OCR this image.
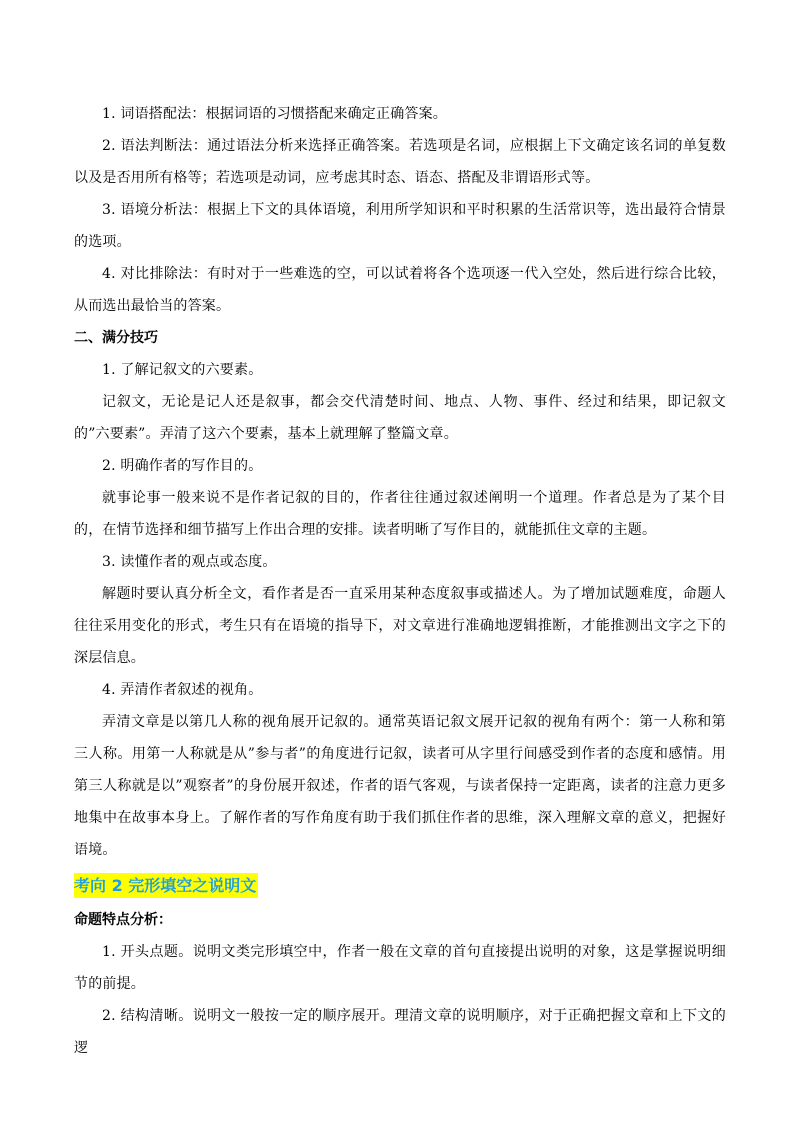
1. 词语搭配法：根据词语的习惯搭配来确定正确答案。

2. 语法判断法：通过语法分析来选择正确答案。若选项是名词，应根据上下文确定该名词的单复数以及是否用所有格等；若选项是动词，应考虑其时态、语态、搭配及非谓语形式等。

3. 语境分析法：根据上下文的具体语境，利用所学知识和平时积累的生活常识等，选出最符合情景的选项。

4. 对比排除法：有时对于一些难选的空，可以试着将各个选项逐一代入空处，然后进行综合比较，从而选出最恰当的答案。

二、满分技巧

1. 了解记叙文的六要素。

记叙文，无论是记人还是叙事，都会交代清楚时间、地点、人物、事件、经过和结果，即记叙文的”六要素”。弄清了这六个要素，基本上就理解了整篇文章。

2. 明确作者的写作目的。

就事论事一般来说不是作者记叙的目的，作者往往通过叙述阐明一个道理。作者总是为了某个目的，在情节选择和细节描写上作出合理的安排。读者明晰了写作目的，就能抓住文章的主题。

3. 读懂作者的观点或态度。

解题时要认真分析全文，看作者是否一直采用某种态度叙事或描述人。为了增加试题难度，命题人往往采用变化的形式，考生只有在语境的指导下，对文章进行准确地逻辑推断，才能推测出文字之下的深层信息。

4. 弄清作者叙述的视角。

弄清文章是以第几人称的视角展开记叙的。通常英语记叙文展开记叙的视角有两个：第一人称和第三人称。用第一人称就是从”参与者”的角度进行记叙，读者可从字里行间感受到作者的态度和感情。用第三人称就是以”观察者”的身份展开叙述，作者的语气客观，与读者保持一定距离，读者的注意力更多地集中在故事本身上。了解作者的写作角度有助于我们抓住作者的思维，深入理解文章的意义，把握好语境。

考向 2 完形填空之说明文

命题特点分析：

1. 开头点题。说明文类完形填空中，作者一般在文章的首句直接提出说明的对象，这是掌握说明细节的前提。

2. 结构清晰。说明文一般按一定的顺序展开。理清文章的说明顺序，对于正确把握文章和上下文的逻
